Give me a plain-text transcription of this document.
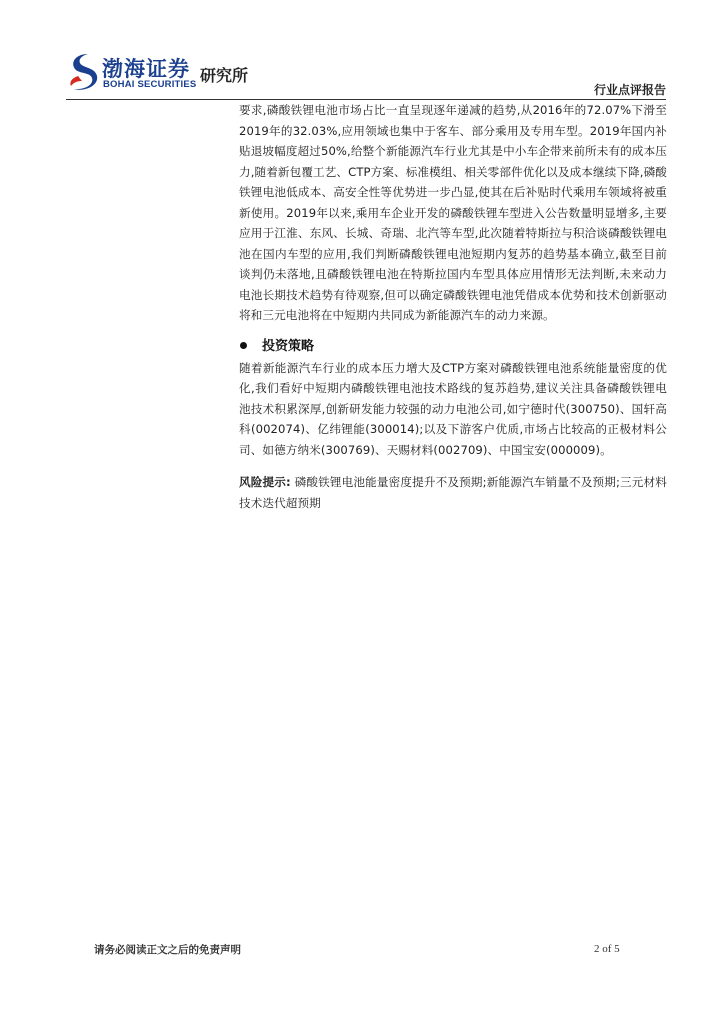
渤海证券
BOHAI SECURITIES 研究所
行业点评报告

要求,磷酸铁锂电池市场占比一直呈现逐年递减的趋势,从2016年的72.07%下滑至2019年的32.03%,应用领域也集中于客车、部分乘用及专用车型。2019年国内补贴退坡幅度超过50%,给整个新能源汽车行业尤其是中小车企带来前所未有的成本压力,随着新包覆工艺、CTP方案、标准模组、相关零部件优化以及成本继续下降,磷酸铁锂电池低成本、高安全性等优势进一步凸显,使其在后补贴时代乘用车领域将被重新使用。2019年以来,乘用车企业开发的磷酸铁锂车型进入公告数量明显增多,主要应用于江淮、东风、长城、奇瑞、北汽等车型,此次随着特斯拉与积洽谈磷酸铁锂电池在国内车型的应用,我们判断磷酸铁锂电池短期内复苏的趋势基本确立,截至目前谈判仍未落地,且磷酸铁锂电池在特斯拉国内车型具体应用情形无法判断,未来动力电池长期技术趋势有待观察,但可以确定磷酸铁锂电池凭借成本优势和技术创新驱动将和三元电池将在中短期内共同成为新能源汽车的动力来源。

投资策略

随着新能源汽车行业的成本压力增大及CTP方案对磷酸铁锂电池系统能量密度的优化,我们看好中短期内磷酸铁锂电池技术路线的复苏趋势,建议关注具备磷酸铁锂电池技术积累深厚,创新研发能力较强的动力电池公司,如宁德时代(300750)、国轩高科(002074)、亿纬锂能(300014);以及下游客户优质,市场占比较高的正极材料公司、如德方纳米(300769)、天赐材料(002709)、中国宝安(000009)。

风险提示: 磷酸铁锂电池能量密度提升不及预期;新能源汽车销量不及预期;三元材料技术迭代超预期

请务必阅读正文之后的免责声明	2 of 5
